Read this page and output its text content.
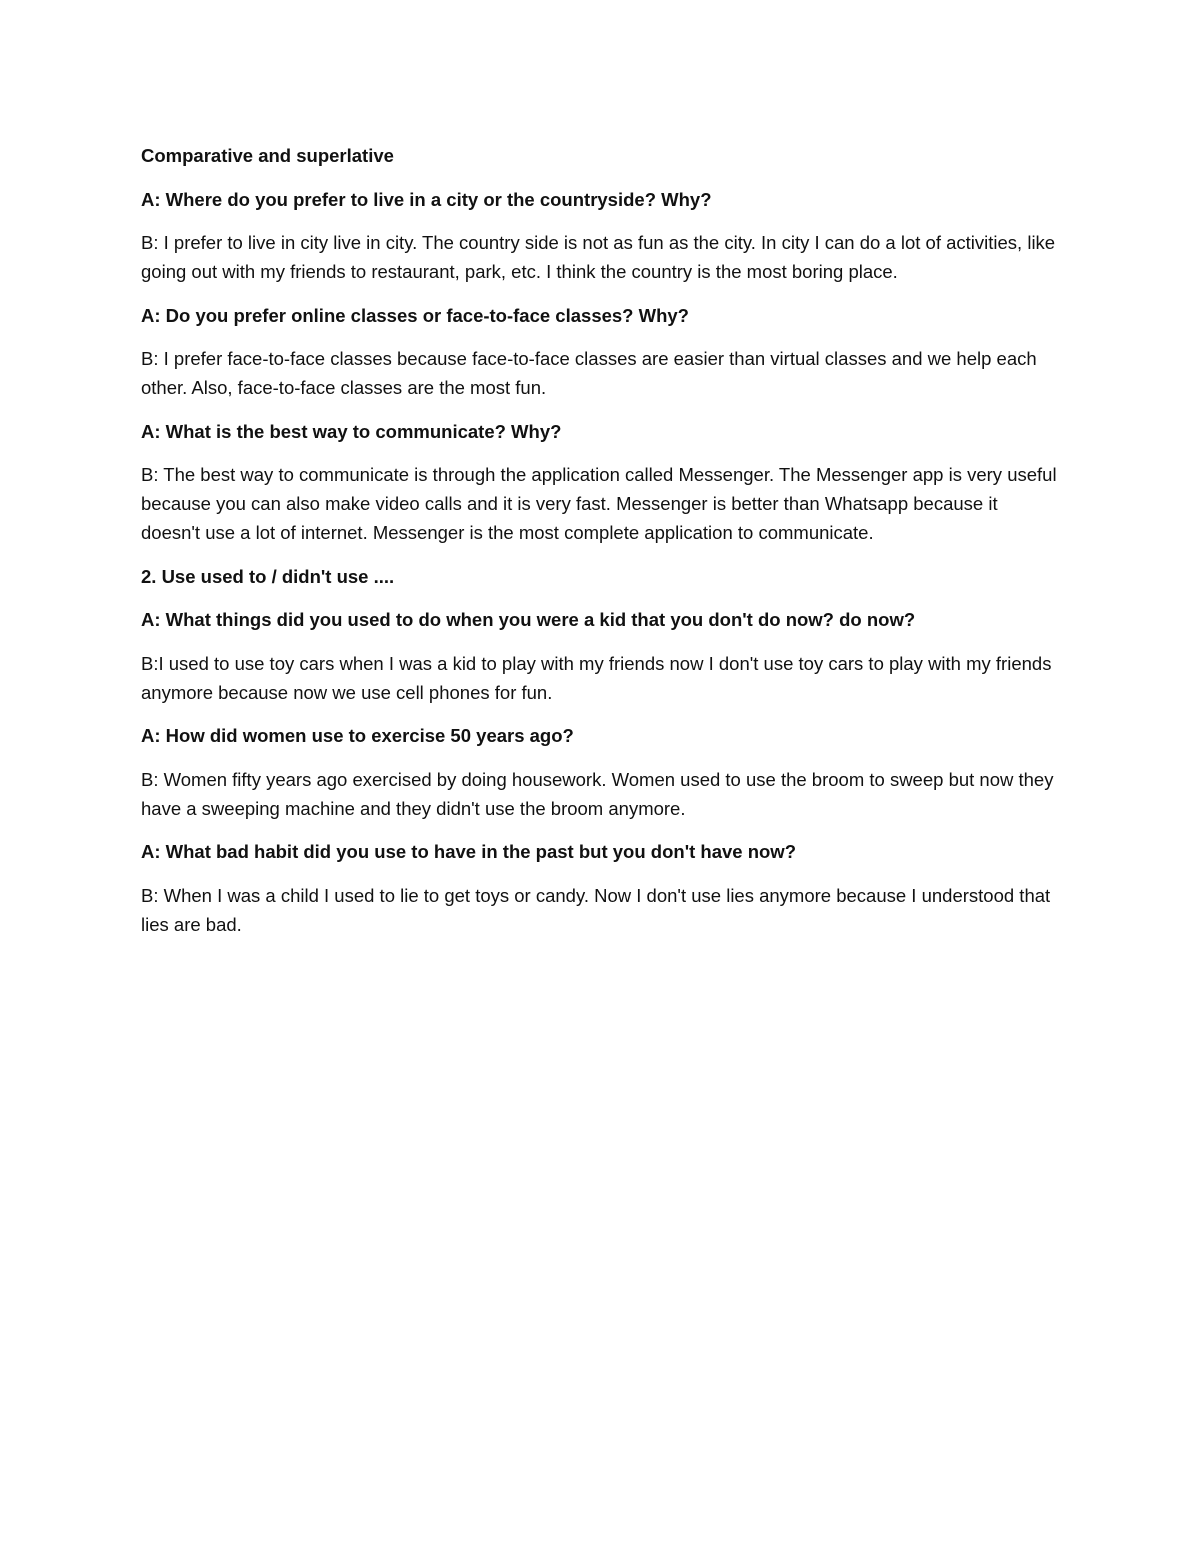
Comparative and superlative

A: Where do you prefer to live in a city or the countryside? Why?

B: I prefer to live in city live in city. The country side is not as fun as the city. In city I can do a lot of activities, like going out with my friends to restaurant, park, etc. I think the country is the most boring place.

A: Do you prefer online classes or face-to-face classes? Why?

B: I prefer face-to-face classes because face-to-face classes are easier than virtual classes and we help each other. Also, face-to-face classes are the most fun.

A: What is the best way to communicate? Why?

B: The best way to communicate is through the application called Messenger. The Messenger app is very useful because you can also make video calls and it is very fast. Messenger is better than Whatsapp because it doesn't use a lot of internet. Messenger is the most complete application to communicate.

2. Use used to / didn't use ....

A: What things did you used to do when you were a kid that you don't do now? do now?

B:I used to use toy cars when I was a kid to play with my friends now I don't use toy cars to play with my friends anymore because now we use cell phones for fun.

A: How did women use to exercise 50 years ago?

B: Women fifty years ago exercised by doing housework. Women used to use the broom to sweep but now they have a sweeping machine and they didn't use the broom anymore.

A: What bad habit did you use to have in the past but you don't have now?

B: When I was a child I used to lie to get toys or candy. Now I don't use lies anymore because I understood that lies are bad.
